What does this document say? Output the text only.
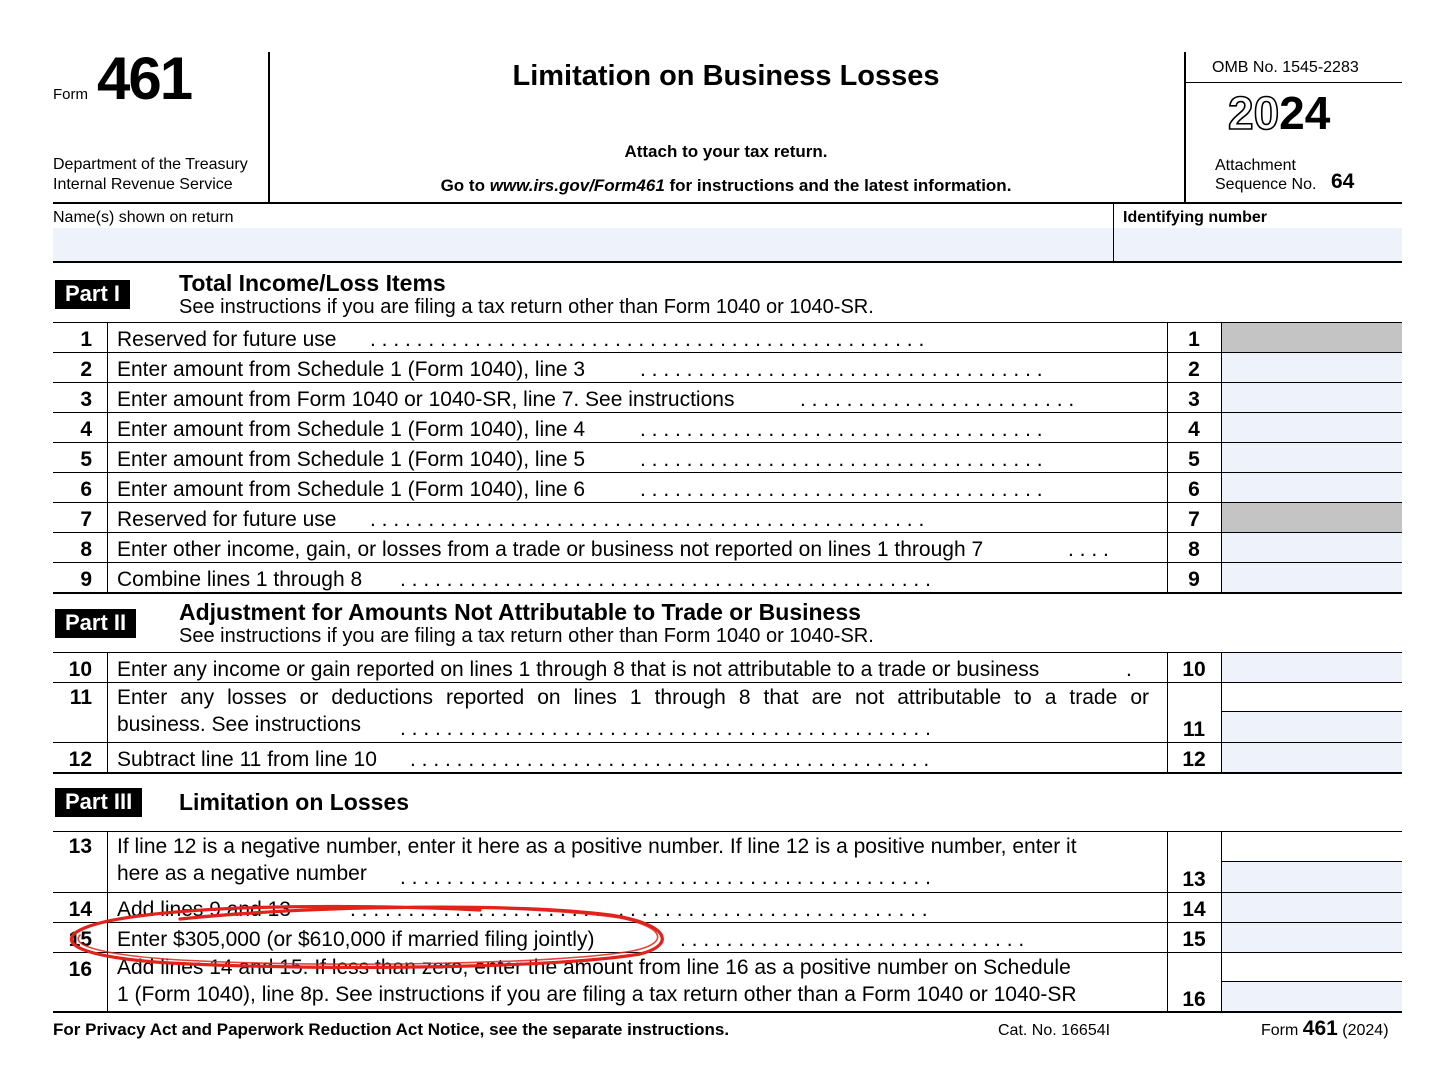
Form 461
Department of the Treasury
Internal Revenue Service
Limitation on Business Losses
Attach to your tax return.
Go to www.irs.gov/Form461 for instructions and the latest information.
OMB No. 1545-2283
2024
Attachment
Sequence No. 64
Name(s) shown on return	Identifying number
Part I	Total Income/Loss Items
See instructions if you are filing a tax return other than Form 1040 or 1040-SR.
1 Reserved for future use . . . . . . . . . . . . . . . . . . . . . . . . . . . . . . . . . . . . . . . . . . . . . . . .	1
2 Enter amount from Schedule 1 (Form 1040), line 3	. . . . . . . . . . . . . . . . . . . . . . . . . . . . . . . . . . .	2
3 Enter amount from Form 1040 or 1040-SR, line 7. See instructions	. . . . . . . . . . . . . . . . . . . . . . . .	3
4 Enter amount from Schedule 1 (Form 1040), line 4	. . . . . . . . . . . . . . . . . . . . . . . . . . . . . . . . . . .	4
5 Enter amount from Schedule 1 (Form 1040), line 5	. . . . . . . . . . . . . . . . . . . . . . . . . . . . . . . . . . .	5
6 Enter amount from Schedule 1 (Form 1040), line 6	. . . . . . . . . . . . . . . . . . . . . . . . . . . . . . . . . . .	6
7 Reserved for future use . . . . . . . . . . . . . . . . . . . . . . . . . . . . . . . . . . . . . . . . . . . . . . . .	7
8 Enter other income, gain, or losses from a trade or business not reported on lines 1 through 7	. . . .	8
9 Combine lines 1 through 8 . . . . . . . . . . . . . . . . . . . . . . . . . . . . . . . . . . . . . . . . . . . . . .	9
Part II	Adjustment for Amounts Not Attributable to Trade or Business
See instructions if you are filing a tax return other than Form 1040 or 1040-SR.
10 Enter any income or gain reported on lines 1 through 8 that is not attributable to a trade or business	.	10
11 Enter any losses or deductions reported on lines 1 through 8 that are not attributable to a trade or
business. See instructions . . . . . . . . . . . . . . . . . . . . . . . . . . . . . . . . . . . . . . . . . . . . . .	11
12 Subtract line 11 from line 10 . . . . . . . . . . . . . . . . . . . . . . . . . . . . . . . . . . . . . . . . . . . . .	12
Part III	Limitation on Losses
13 If line 12 is a negative number, enter it here as a positive number. If line 12 is a positive number, enter it
here as a negative number . . . . . . . . . . . . . . . . . . . . . . . . . . . . . . . . . . . . . . . . . . . . . .	13
14 Add lines 9 and 13	. . . . . . . . . . . . . . . . . . . . . . . . . . . . . . . . . . . . . . . . . . . . . . . . . .	14
15 Enter $305,000 (or $610,000 if married filing jointly)	. . . . . . . . . . . . . . . . . . . . . . . . . . . . . .	15
16 Add lines 14 and 15. If less than zero, enter the amount from line 16 as a positive number on Schedule
1 (Form 1040), line 8p. See instructions if you are filing a tax return other than a Form 1040 or 1040-SR	16
For Privacy Act and Paperwork Reduction Act Notice, see the separate instructions.	Cat. No. 16654I	Form 461 (2024)
